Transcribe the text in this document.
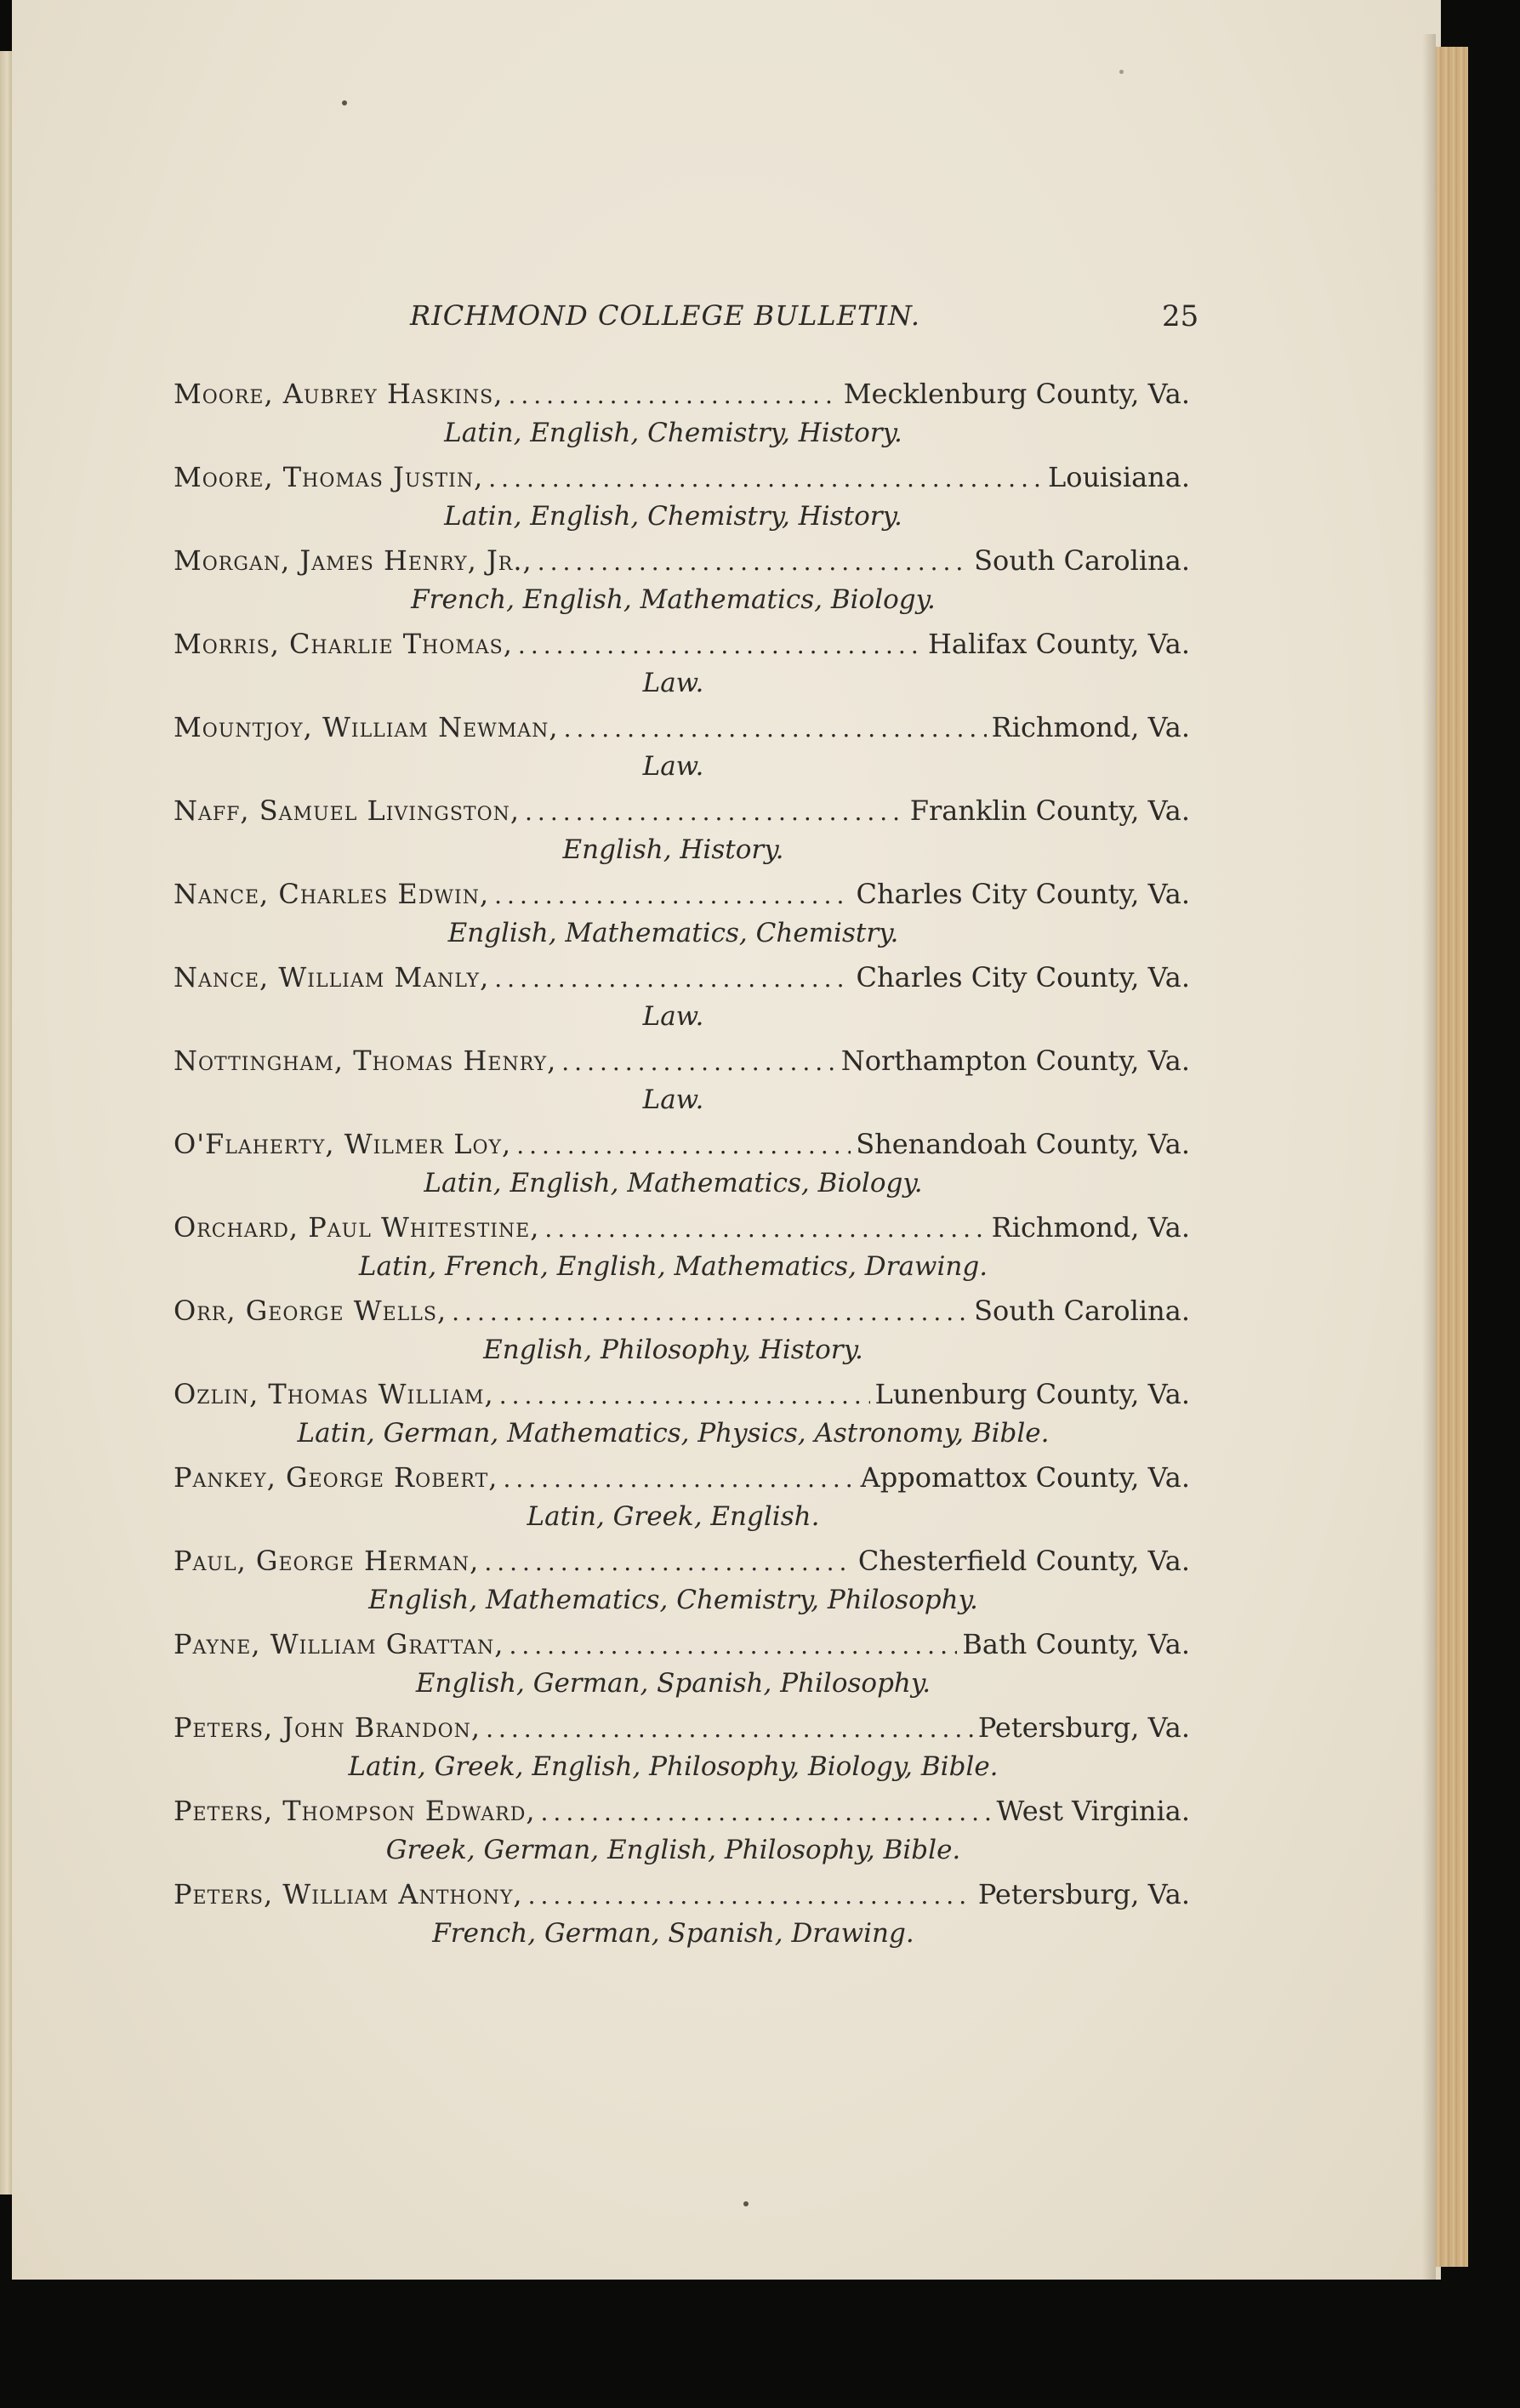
RICHMOND COLLEGE BULLETIN.	25
Moore, Aubrey Haskins, .....	Mecklenburg County, Va.
Latin, English, Chemistry, History.
Moore, Thomas Justin, .....	Louisiana.
Latin, English, Chemistry, History.
Morgan, James Henry, Jr., .....	South Carolina.
French, English, Mathematics, Biology.
Morris, Charlie Thomas, .....	Halifax County, Va.
Law.
Mountjoy, William Newman, .....	Richmond, Va.
Law.
Naff, Samuel Livingston, .....	Franklin County, Va.
English, History.
Nance, Charles Edwin, .....	Charles City County, Va.
English, Mathematics, Chemistry.
Nance, William Manly, .....	Charles City County, Va.
Law.
Nottingham, Thomas Henry, .....	Northampton County, Va.
Law.
O'Flaherty, Wilmer Loy, .....	Shenandoah County, Va.
Latin, English, Mathematics, Biology.
Orchard, Paul Whitestine, .....	Richmond, Va.
Latin, French, English, Mathematics, Drawing.
Orr, George Wells, .....	South Carolina.
English, Philosophy, History.
Ozlin, Thomas William, .....	Lunenburg County, Va.
Latin, German, Mathematics, Physics, Astronomy, Bible.
Pankey, George Robert, .....	Appomattox County, Va.
Latin, Greek, English.
Paul, George Herman, .....	Chesterfield County, Va.
English, Mathematics, Chemistry, Philosophy.
Payne, William Grattan, .....	Bath County, Va.
English, German, Spanish, Philosophy.
Peters, John Brandon, .....	Petersburg, Va.
Latin, Greek, English, Philosophy, Biology, Bible.
Peters, Thompson Edward, .....	West Virginia.
Greek, German, English, Philosophy, Bible.
Peters, William Anthony, .....	Petersburg, Va.
French, German, Spanish, Drawing.
